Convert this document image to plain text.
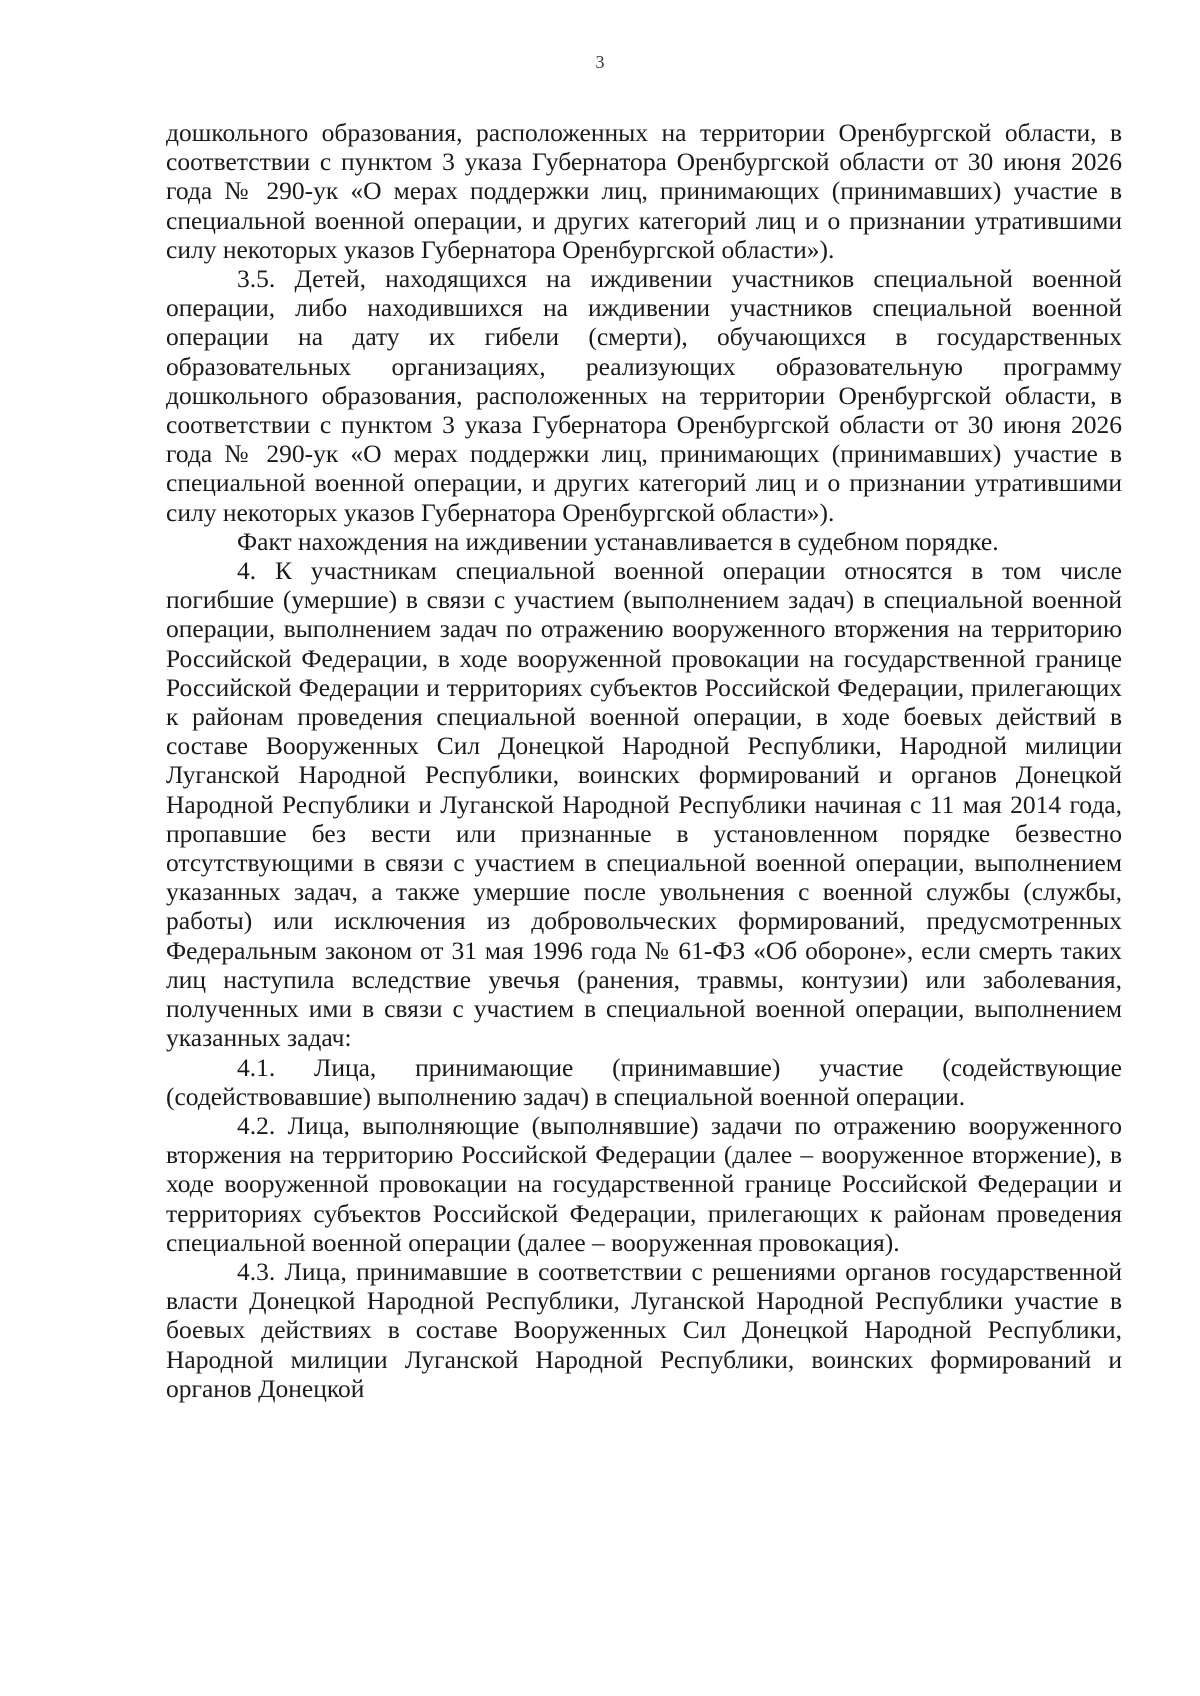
3

дошкольного образования, расположенных на территории Оренбургской области, в соответствии с пунктом 3 указа Губернатора Оренбургской области от 30 июня 2026 года № 290-ук «О мерах поддержки лиц, принимающих (принимавших) участие в специальной военной операции, и других категорий лиц и о признании утратившими силу некоторых указов Губернатора Оренбургской области»).

3.5. Детей, находящихся на иждивении участников специальной военной операции, либо находившихся на иждивении участников специальной военной операции на дату их гибели (смерти), обучающихся в государственных образовательных организациях, реализующих образовательную программу дошкольного образования, расположенных на территории Оренбургской области, в соответствии с пунктом 3 указа Губернатора Оренбургской области от 30 июня 2026 года № 290-ук «О мерах поддержки лиц, принимающих (принимавших) участие в специальной военной операции, и других категорий лиц и о признании утратившими силу некоторых указов Губернатора Оренбургской области»).

Факт нахождения на иждивении устанавливается в судебном порядке.

4. К участникам специальной военной операции относятся в том числе погибшие (умершие) в связи с участием (выполнением задач) в специальной военной операции, выполнением задач по отражению вооруженного вторжения на территорию Российской Федерации, в ходе вооруженной провокации на государственной границе Российской Федерации и территориях субъектов Российской Федерации, прилегающих к районам проведения специальной военной операции, в ходе боевых действий в составе Вооруженных Сил Донецкой Народной Республики, Народной милиции Луганской Народной Республики, воинских формирований и органов Донецкой Народной Республики и Луганской Народной Республики начиная с 11 мая 2014 года, пропавшие без вести или признанные в установленном порядке безвестно отсутствующими в связи с участием в специальной военной операции, выполнением указанных задач, а также умершие после увольнения с военной службы (службы, работы) или исключения из добровольческих формирований, предусмотренных Федеральным законом от 31 мая 1996 года № 61-ФЗ «Об обороне», если смерть таких лиц наступила вследствие увечья (ранения, травмы, контузии) или заболевания, полученных ими в связи с участием в специальной военной операции, выполнением указанных задач:

4.1. Лица, принимающие (принимавшие) участие (содействующие (содействовавшие) выполнению задач) в специальной военной операции.

4.2. Лица, выполняющие (выполнявшие) задачи по отражению вооруженного вторжения на территорию Российской Федерации (далее – вооруженное вторжение), в ходе вооруженной провокации на государственной границе Российской Федерации и территориях субъектов Российской Федерации, прилегающих к районам проведения специальной военной операции (далее – вооруженная провокация).

4.3. Лица, принимавшие в соответствии с решениями органов государственной власти Донецкой Народной Республики, Луганской Народной Республики участие в боевых действиях в составе Вооруженных Сил Донецкой Народной Республики, Народной милиции Луганской Народной Республики, воинских формирований и органов Донецкой
